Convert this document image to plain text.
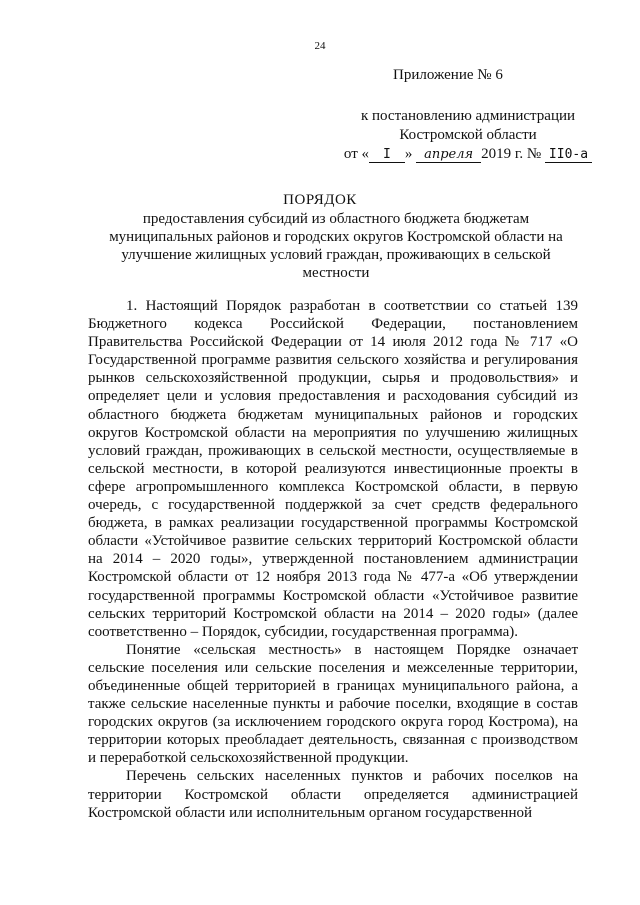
24
Приложение № 6
к постановлению администрации
Костромской области
от « I » апреля 2019 г. № II0-а
ПОРЯДОК
предоставления субсидий из областного бюджета бюджетам муниципальных районов и городских округов Костромской области на улучшение жилищных условий граждан, проживающих в сельской местности

1. Настоящий Порядок разработан в соответствии со статьей 139 Бюджетного кодекса Российской Федерации, постановлением Правительства Российской Федерации от 14 июля 2012 года № 717 «О Государственной программе развития сельского хозяйства и регулирования рынков сельскохозяйственной продукции, сырья и продовольствия» и определяет цели и условия предоставления и расходования субсидий из областного бюджета бюджетам муниципальных районов и городских округов Костромской области на мероприятия по улучшению жилищных условий граждан, проживающих в сельской местности, осуществляемые в сельской местности, в которой реализуются инвестиционные проекты в сфере агропромышленного комплекса Костромской области, в первую очередь, с государственной поддержкой за счет средств федерального бюджета, в рамках реализации государственной программы Костромской области «Устойчивое развитие сельских территорий Костромской области на 2014 – 2020 годы», утвержденной постановлением администрации Костромской области от 12 ноября 2013 года № 477-а «Об утверждении государственной программы Костромской области «Устойчивое развитие сельских территорий Костромской области на 2014 – 2020 годы» (далее соответственно – Порядок, субсидии, государственная программа).

Понятие «сельская местность» в настоящем Порядке означает сельские поселения или сельские поселения и межселенные территории, объединенные общей территорией в границах муниципального района, а также сельские населенные пункты и рабочие поселки, входящие в состав городских округов (за исключением городского округа город Кострома), на территории которых преобладает деятельность, связанная с производством и переработкой сельскохозяйственной продукции.

Перечень сельских населенных пунктов и рабочих поселков на территории Костромской области определяется администрацией Костромской области или исполнительным органом государственной
